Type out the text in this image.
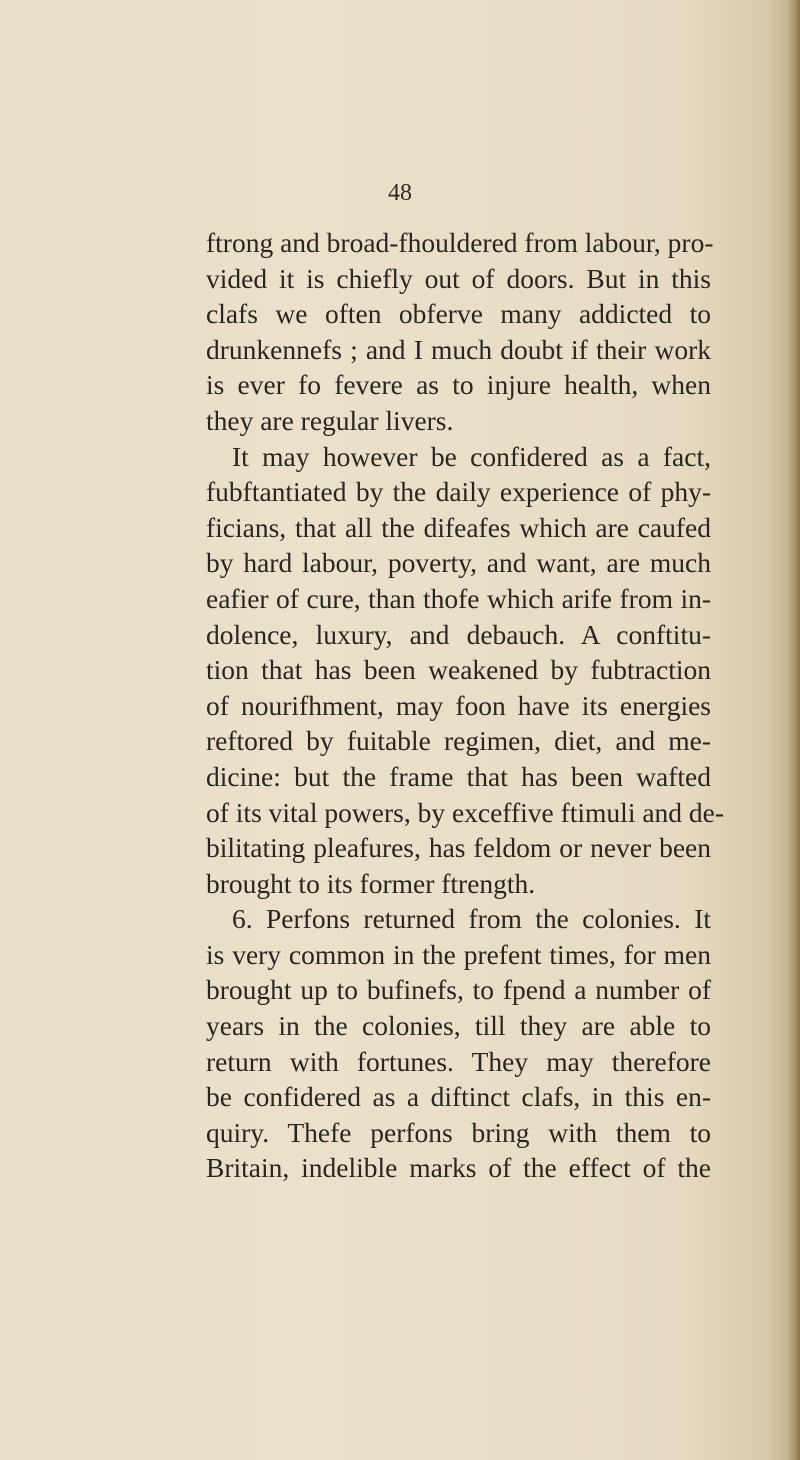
48
ftrong and broad-fhouldered from labour, pro-
vided it is chiefly out of doors. But in this
clafs we often obferve many addicted to
drunkennefs ; and I much doubt if their work
is ever fo fevere as to injure health, when
they are regular livers.
It may however be confidered as a fact,
fubftantiated by the daily experience of phy-
ficians, that all the difeafes which are caufed
by hard labour, poverty, and want, are much
eafier of cure, than thofe which arife from in-
dolence, luxury, and debauch. A conftitu-
tion that has been weakened by fubtraction
of nourifhment, may foon have its energies
reftored by fuitable regimen, diet, and me-
dicine: but the frame that has been wafted
of its vital powers, by exceffive ftimuli and de-
bilitating pleafures, has feldom or never been
brought to its former ftrength.
6. Perfons returned from the colonies. It
is very common in the prefent times, for men
brought up to bufinefs, to fpend a number of
years in the colonies, till they are able to
return with fortunes. They may therefore
be confidered as a diftinct clafs, in this en-
quiry. Thefe perfons bring with them to
Britain, indelible marks of the effect of the
